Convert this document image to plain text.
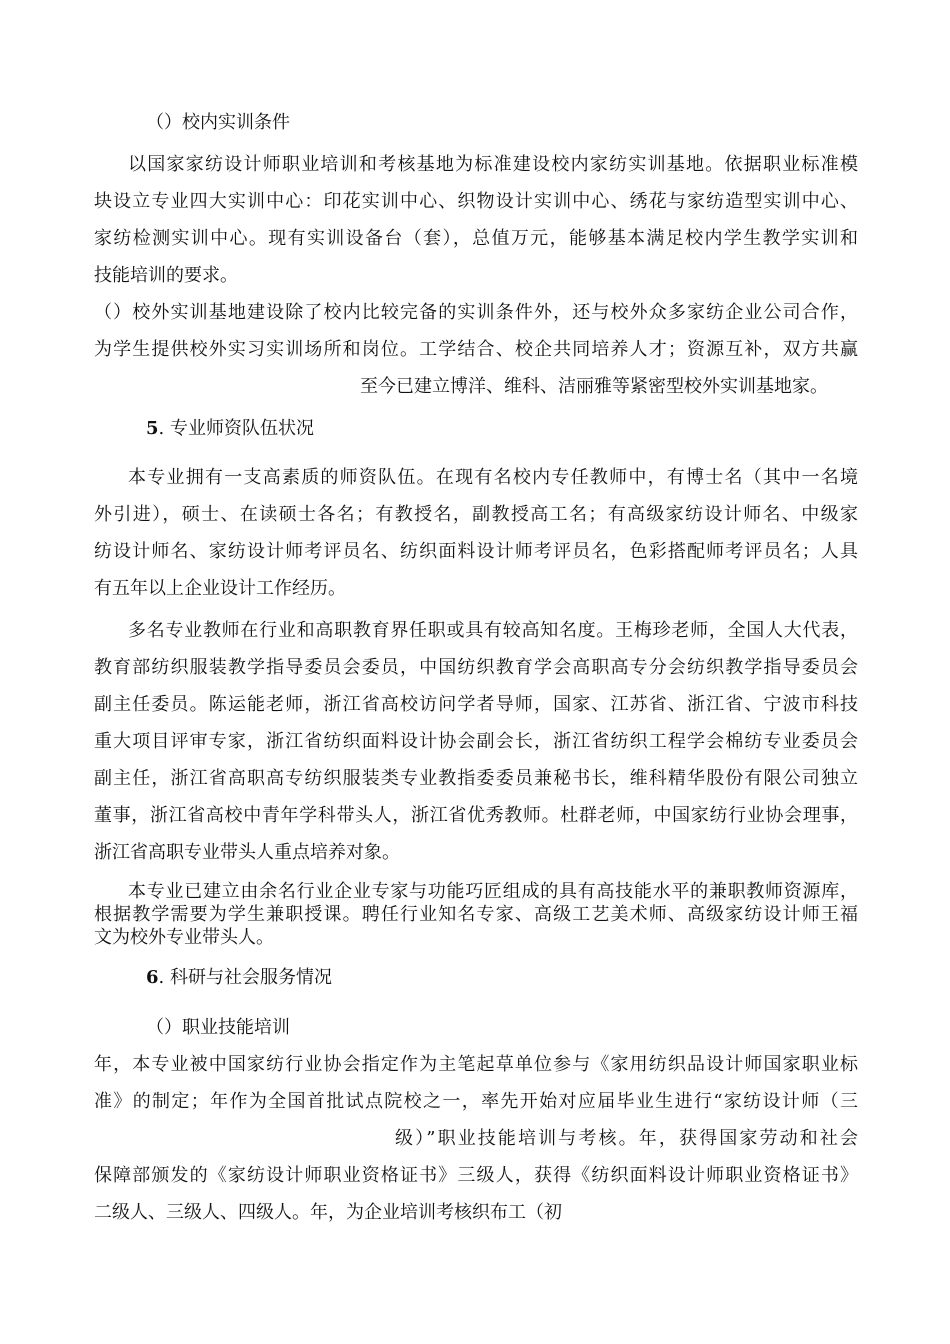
（）校内实训条件
以国家家纺设计师职业培训和考核基地为标准建设校内家纺实训基地。依据职业标准模
块设立专业四大实训中心：印花实训中心、织物设计实训中心、绣花与家纺造型实训中心、
家纺检测实训中心。现有实训设备台（套），总值万元，能够基本满足校内学生教学实训和
技能培训的要求。
（）校外实训基地建设除了校内比较完备的实训条件外，还与校外众多家纺企业公司合作，
为学生提供校外实习实训场所和岗位。工学结合、校企共同培养人才；资源互补，双方共赢
至今已建立博洋、维科、洁丽雅等紧密型校外实训基地家。
5. 专业师资队伍状况
本专业拥有一支高素质的师资队伍。在现有名校内专任教师中，有博士名（其中一名境
外引进），硕士、在读硕士各名；有教授名，副教授高工名；有高级家纺设计师名、中级家
纺设计师名、家纺设计师考评员名、纺织面料设计师考评员名，色彩搭配师考评员名；人具
有五年以上企业设计工作经历。
多名专业教师在行业和高职教育界任职或具有较高知名度。王梅珍老师，全国人大代表，
教育部纺织服装教学指导委员会委员，中国纺织教育学会高职高专分会纺织教学指导委员会
副主任委员。陈运能老师，浙江省高校访问学者导师，国家、江苏省、浙江省、宁波市科技
重大项目评审专家，浙江省纺织面料设计协会副会长，浙江省纺织工程学会棉纺专业委员会
副主任，浙江省高职高专纺织服装类专业教指委委员兼秘书长，维科精华股份有限公司独立
董事，浙江省高校中青年学科带头人，浙江省优秀教师。杜群老师，中国家纺行业协会理事，
浙江省高职专业带头人重点培养对象。
本专业已建立由余名行业企业专家与功能巧匠组成的具有高技能水平的兼职教师资源库，
根据教学需要为学生兼职授课。聘任行业知名专家、高级工艺美术师、高级家纺设计师王福
文为校外专业带头人。
6. 科研与社会服务情况
（）职业技能培训
年，本专业被中国家纺行业协会指定作为主笔起草单位参与《家用纺织品设计师国家职业标
准》的制定；年作为全国首批试点院校之一，率先开始对应届毕业生进行“家纺设计师（三
级）”职业技能培训与考核。年，获得国家劳动和社会
保障部颁发的《家纺设计师职业资格证书》三级人，获得《纺织面料设计师职业资格证书》
二级人、三级人、四级人。年，为企业培训考核织布工（初
